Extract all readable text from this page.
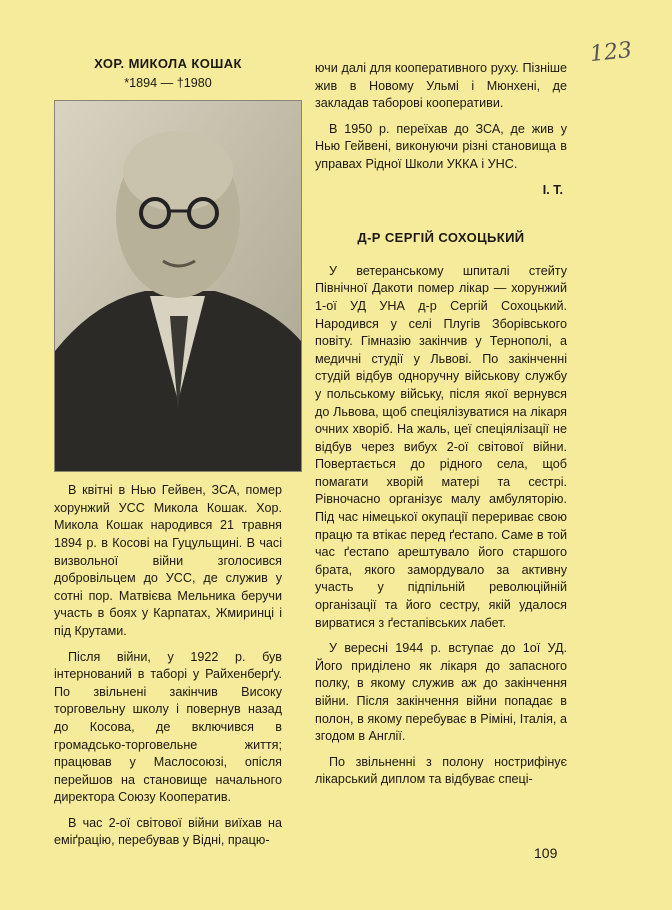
123
ХОР. МИКОЛА КОШАК
*1894 — †1980

В квітні в Нью Гейвен, ЗСА, помер хорунжий УСС Микола Кошак. Хор. Микола Кошак народився 21 травня 1894 р. в Косові на Гуцульщині. В часі визвольної війни зголосився добровільцем до УСС, де служив у сотні пор. Матвієва Мельника беручи участь в боях у Карпатах, Жмиринці і під Крутами.

Після війни, у 1922 р. був інтернований в таборі у Райхенберґу. По звільнені закінчив Високу торговельну школу і повернув назад до Косова, де включився в громадсько-торговельне життя; працював у Маслосоюзі, опісля перейшов на становище начального директора Союзу Кооператив.

В час 2-ої світової війни виїхав на еміґрацію, перебував у Відні, працю-

ючи далі для кооперативного руху. Пізніше жив в Новому Ульмі і Мюнхені, де закладав таборові кооперативи.

В 1950 р. переїхав до ЗСА, де жив у Нью Гейвені, виконуючи різні становища в управах Рідної Школи УККА і УНС.

І. Т.
Д-Р СЕРГІЙ СОХОЦЬКИЙ

У ветеранському шпиталі стейту Північної Дакоти помер лікар — хорунжий 1-ої УД УНА д-р Сергій Сохоцький. Народився у селі Плугів Зборівського повіту. Гімназію закінчив у Тернополі, а медичні студії у Львові. По закінченні студій відбув одноручну військову службу у польському війську, після якої вернувся до Львова, щоб спеціялізуватися на лікаря очних хворіб. На жаль, цеї спеціялізації не відбув через вибух 2-ої світової війни. Повертається до рідного села, щоб помагати хворій матері та сестрі. Рівночасно організує малу амбуляторію. Під час німецької окупації перериває свою працю та втікає перед ґестапо. Саме в той час ґестапо арештувало його старшого брата, якого замордувало за активну участь у підпільній революційній організації та його сестру, якій удалося вирватися з ґестапівських лабет.

У вересні 1944 р. вступає до 1ої УД. Його приділено як лікаря до запасного полку, в якому служив аж до закінчення війни. Після закінчення війни попадає в полон, в якому перебуває в Ріміні, Італія, а згодом в Англії.

По звільненні з полону нострифінує лікарський диплом та відбуває спеці-

109
